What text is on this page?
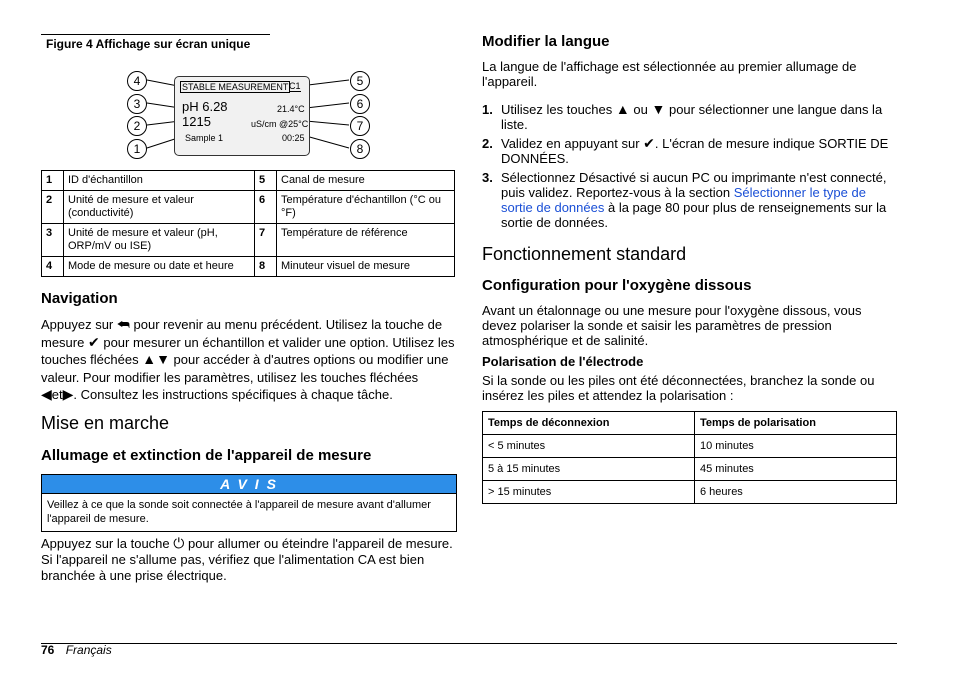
Figure 4 Affichage sur écran unique
4
3
2
1
5
6
7
8
STABLE MEASUREMENT C1
pH 6.28	21.4°C
1215	uS/cm @25°C
Sample 1	00:25
1	ID d'échantillon	5	Canal de mesure
2	Unité de mesure et valeur (conductivité)	6	Température d'échantillon (°C ou °F)
3	Unité de mesure et valeur (pH, ORP/mV ou ISE)	7	Température de référence
4	Mode de mesure ou date et heure	8	Minuteur visuel de mesure
Navigation

Appuyez sur ⮪ pour revenir au menu précédent. Utilisez la touche de mesure ✔ pour mesurer un échantillon et valider une option. Utilisez les touches fléchées ▲▼ pour accéder à d'autres options ou modifier une valeur. Pour modifier les paramètres, utilisez les touches fléchées ◀et▶. Consultez les instructions spécifiques à chaque tâche.

Mise en marche
Allumage et extinction de l'appareil de mesure
A V I S
Veillez à ce que la sonde soit connectée à l'appareil de mesure avant d'allumer l'appareil de mesure.

Appuyez sur la touche ⏻ pour allumer ou éteindre l'appareil de mesure. Si l'appareil ne s'allume pas, vérifiez que l'alimentation CA est bien branchée à une prise électrique.

Modifier la langue

La langue de l'affichage est sélectionnée au premier allumage de l'appareil.

1. Utilisez les touches ▲ ou ▼ pour sélectionner une langue dans la liste.
2. Validez en appuyant sur ✔. L'écran de mesure indique SORTIE DE DONNÉES.
3. Sélectionnez Désactivé si aucun PC ou imprimante n'est connecté, puis validez. Reportez-vous à la section Sélectionner le type de sortie de données à la page 80 pour plus de renseignements sur la sortie de données.
Fonctionnement standard
Configuration pour l'oxygène dissous

Avant un étalonnage ou une mesure pour l'oxygène dissous, vous devez polariser la sonde et saisir les paramètres de pression atmosphérique et de salinité.

Polarisation de l'électrode

Si la sonde ou les piles ont été déconnectées, branchez la sonde ou insérez les piles et attendez la polarisation :

Temps de déconnexion	Temps de polarisation
< 5 minutes	10 minutes
5 à 15 minutes	45 minutes
> 15 minutes	6 heures
76 Français
